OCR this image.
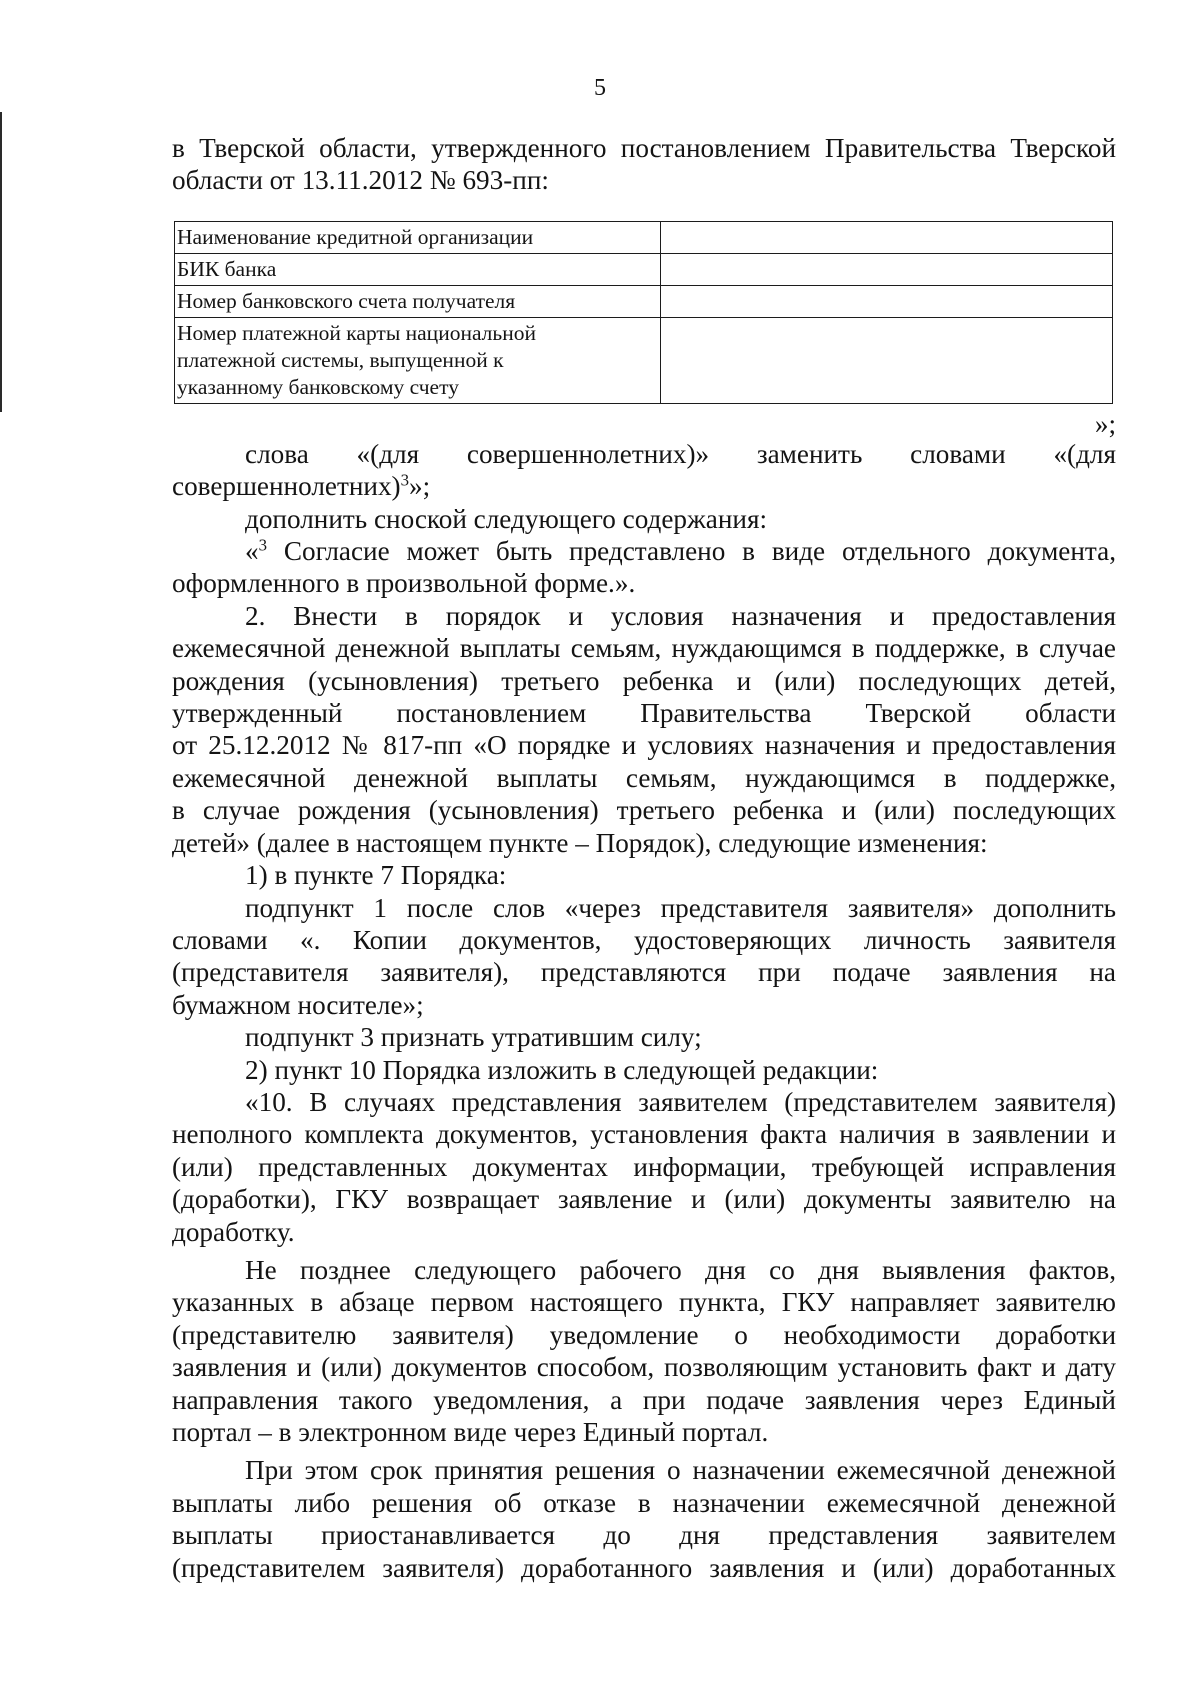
5

в Тверской области, утвержденного постановлением Правительства Тверской

области от 13.11.2012 № 693-пп:

Наименование кредитной организации	
БИК банка	
Номер банковского счета получателя	

Номер платежной карты национальной
платежной системы, выпущенной к
указанному банковскому счету	

»;

слова «(для совершеннолетних)» заменить словами «(для

совершеннолетних)$^3$»;

дополнить сноской следующего содержания:

«$^3$ Согласие может быть представлено в виде отдельного документа,

оформленного в произвольной форме.».

2. Внести в порядок и условия назначения и предоставления

ежемесячной денежной выплаты семьям, нуждающимся в поддержке, в случае

рождения (усыновления) третьего ребенка и (или) последующих детей,

утвержденный постановлением Правительства Тверской области

от 25.12.2012 № 817-пп «О порядке и условиях назначения и предоставления

ежемесячной денежной выплаты семьям, нуждающимся в поддержке,

в случае рождения (усыновления) третьего ребенка и (или) последующих

детей» (далее в настоящем пункте – Порядок), следующие изменения:

1) в пункте 7 Порядка:

подпункт 1 после слов «через представителя заявителя» дополнить

словами «. Копии документов, удостоверяющих личность заявителя

(представителя заявителя), представляются при подаче заявления на

бумажном носителе»;

подпункт 3 признать утратившим силу;

2) пункт 10 Порядка изложить в следующей редакции:

«10. В случаях представления заявителем (представителем заявителя)

неполного комплекта документов, установления факта наличия в заявлении и

(или) представленных документах информации, требующей исправления

(доработки), ГКУ возвращает заявление и (или) документы заявителю на

доработку.

Не позднее следующего рабочего дня со дня выявления фактов,

указанных в абзаце первом настоящего пункта, ГКУ направляет заявителю

(представителю заявителя) уведомление о необходимости доработки

заявления и (или) документов способом, позволяющим установить факт и дату

направления такого уведомления, а при подаче заявления через Единый

портал – в электронном виде через Единый портал.

При этом срок принятия решения о назначении ежемесячной денежной

выплаты либо решения об отказе в назначении ежемесячной денежной

выплаты приостанавливается до дня представления заявителем

(представителем заявителя) доработанного заявления и (или) доработанных
